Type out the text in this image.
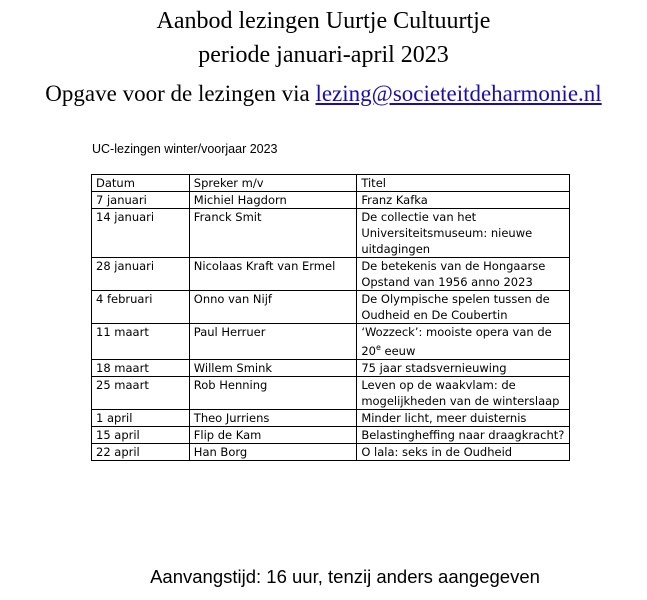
Aanbod lezingen Uurtje Cultuurtje
periode januari-april 2023
Opgave voor de lezingen via lezing@societeitdeharmonie.nl
UC-lezingen winter/voorjaar 2023
Datum	Spreker m/v	Titel
7 januari	Michiel Hagdorn	Franz Kafka
14 januari	Franck Smit	De collectie van het Universiteitsmuseum: nieuwe uitdagingen
28 januari	Nicolaas Kraft van Ermel	De betekenis van de Hongaarse Opstand van 1956 anno 2023
4 februari	Onno van Nijf	De Olympische spelen tussen de Oudheid en De Coubertin
11 maart	Paul Herruer	‘Wozzeck’: mooiste opera van de 20e eeuw
18 maart	Willem Smink	75 jaar stadsvernieuwing
25 maart	Rob Henning	Leven op de waakvlam: de mogelijkheden van de winterslaap
1 april	Theo Jurriens	Minder licht, meer duisternis
15 april	Flip de Kam	Belastingheffing naar draagkracht?
22 april	Han Borg	O lala: seks in de Oudheid
Aanvangstijd: 16 uur, tenzij anders aangegeven
